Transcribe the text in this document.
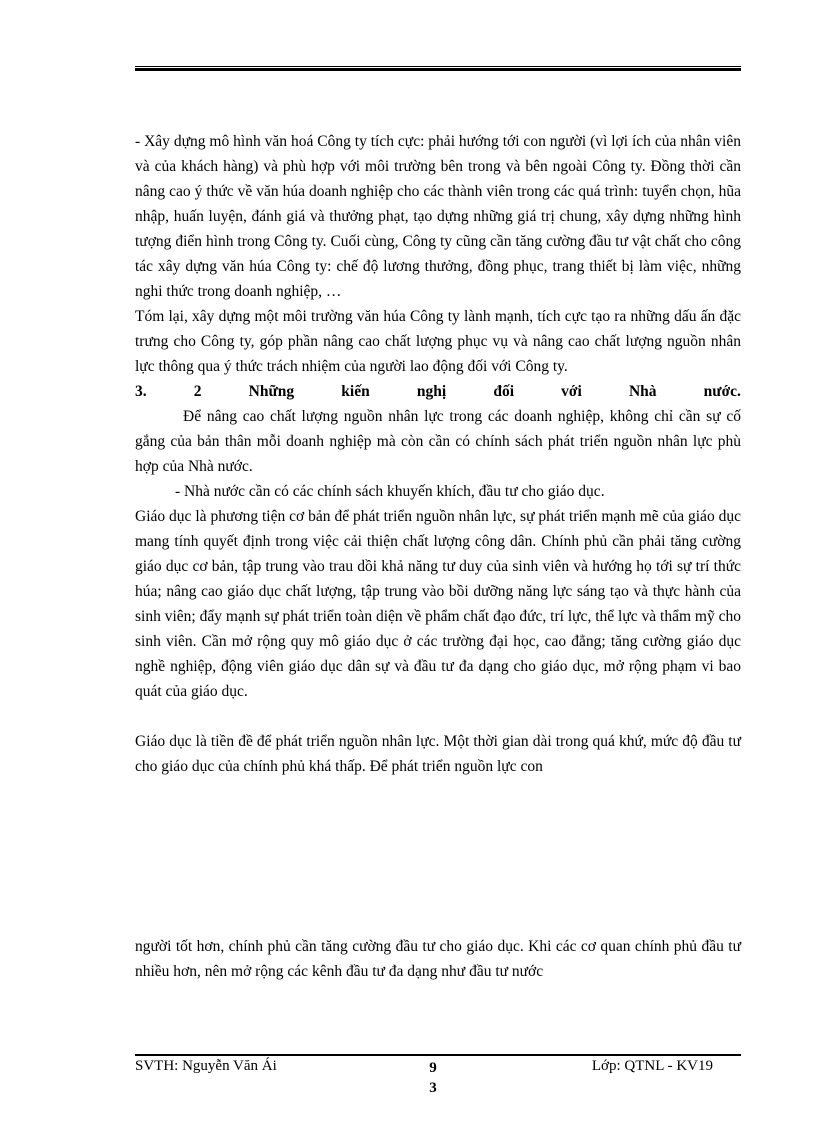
- Xây dựng mô hình văn hoá Công ty tích cực: phải hướng tới con người (vì lợi ích của nhân viên và của khách hàng) và phù hợp với môi trường bên trong và bên ngoài Công ty. Đồng thời cần nâng cao ý thức về văn húa doanh nghiệp cho các thành viên trong các quá trình: tuyển chọn, hũa nhập, huấn luyện, đánh giá và thưởng phạt, tạo dựng những giá trị chung, xây dựng những hình tượng điển hình trong Công ty. Cuối cùng, Công ty cũng cần tăng cường đầu tư vật chất cho công tác xây dựng văn húa Công ty: chế độ lương thưởng, đồng phục, trang thiết bị làm việc, những nghi thức trong doanh nghiệp, …

Tóm lại, xây dựng một môi trường văn húa Công ty lành mạnh, tích cực tạo ra những dấu ấn đặc trưng cho Công ty, góp phần nâng cao chất lượng phục vụ và nâng cao chất lượng nguồn nhân lực thông qua ý thức trách nhiệm của người lao động đối với Công ty.

3.	2	Những	kiến	nghị	đối	với	Nhà	nước.

Để nâng cao chất lượng nguồn nhân lực trong các doanh nghiệp, không chỉ cần sự cố gắng của bản thân mỗi doanh nghiệp mà còn cần có chính sách phát triển nguồn nhân lực phù hợp của Nhà nước.

- Nhà nước cần có các chính sách khuyến khích, đầu tư cho giáo dục.

Giáo dục là phương tiện cơ bản để phát triển nguồn nhân lực, sự phát triển mạnh mẽ của giáo dục mang tính quyết định trong việc cải thiện chất lượng công dân. Chính phủ cần phải tăng cường giáo dục cơ bản, tập trung vào trau dồi khả năng tư duy của sinh viên và hướng họ tới sự trí thức húa; nâng cao giáo dục chất lượng, tập trung vào bồi dưỡng năng lực sáng tạo và thực hành của sinh viên; đẩy mạnh sự phát triển toàn diện về phẩm chất đạo đức, trí lực, thể lực và thẩm mỹ cho sinh viên. Cần mở rộng quy mô giáo dục ở các trường đại học, cao đẳng; tăng cường giáo dục nghề nghiệp, động viên giáo dục dân sự và đầu tư đa dạng cho giáo dục, mở rộng phạm vi bao quát của giáo dục.

Giáo dục là tiền đề để phát triển nguồn nhân lực. Một thời gian dài trong quá khứ, mức độ đầu tư cho giáo dục của chính phủ khá thấp. Để phát triển nguồn lực con

người tốt hơn, chính phủ cần tăng cường đầu tư cho giáo dục. Khi các cơ quan chính phủ đầu tư nhiều hơn, nên mở rộng các kênh đầu tư đa dạng như đầu tư nước

SVTH: Nguyễn Văn Ái	9
3
Lớp: QTNL - KV19
